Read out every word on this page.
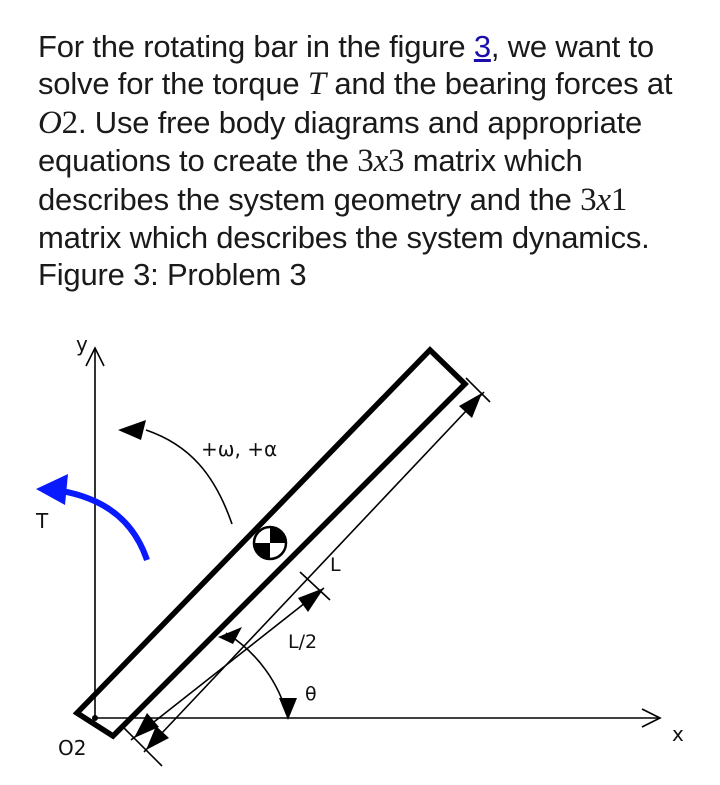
For the rotating bar in the figure 3, we want to solve for the torque T and the bearing forces at O2. Use free body diagrams and appropriate equations to create the 3x3 matrix which describes the system geometry and the 3x1 matrix which describes the system dynamics.
Figure 3: Problem 3
y
x
L
L/2
θ
+ω, +α
T
O2
